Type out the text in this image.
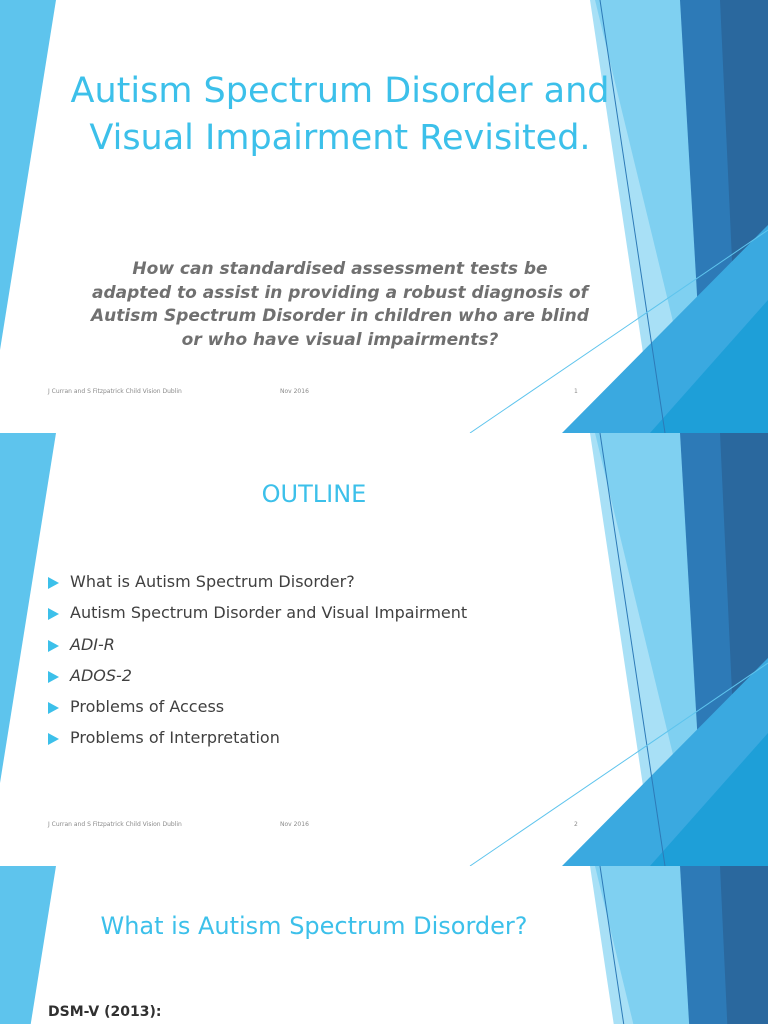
Autism Spectrum Disorder and Visual Impairment Revisited.
How can standardised assessment tests be adapted to assist in providing a robust diagnosis of Autism Spectrum Disorder in children who are blind or who have visual impairments?
J Curran and S Fitzpatrick Child Vision Dublin	Nov 2016	1
OUTLINE
What is Autism Spectrum Disorder?
Autism Spectrum Disorder and Visual Impairment
ADI-R
ADOS-2
Problems of Access
Problems of Interpretation
J Curran and S Fitzpatrick Child Vision Dublin	Nov 2016	2
What is Autism Spectrum Disorder?
DSM-V (2013):
